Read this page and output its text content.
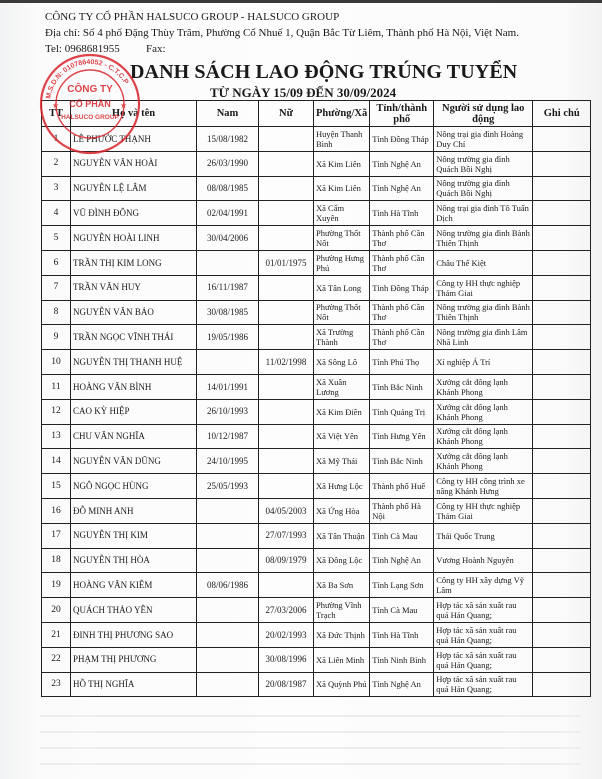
CÔNG TY CỔ PHẦN HALSUCO GROUP - HALSUCO GROUP
Địa chỉ: Số 4 phố Đặng Thùy Trâm, Phường Cổ Nhuế 1, Quận Bắc Từ Liêm, Thành phố Hà Nội, Việt Nam.
Tel: 0968681955 Fax:
DANH SÁCH LAO ĐỘNG TRÚNG TUYỂN
TỪ NGÀY 15/09 ĐẾN 30/09/2024
TT	Họ và tên	Nam	Nữ	Phường/Xã	Tỉnh/thành phố	Người sử dụng lao động	Ghi chú
1	LÊ PHƯỚC THẠNH	15/08/1982		Huyện Thanh Bình	Tỉnh Đồng Tháp	Nông trại gia đình Hoàng Duy Chí	
2	NGUYỄN VĂN HOÀI	26/03/1990		Xã Kim Liên	Tỉnh Nghệ An	Nông trường gia đình Quách Bồi Nghị	
3	NGUYỄN LỆ LÂM	08/08/1985		Xã Kim Liên	Tỉnh Nghệ An	Nông trường gia đình Quách Bồi Nghị	
4	VŨ ĐÌNH ĐÔNG	02/04/1991		Xã Cẩm Xuyên	Tỉnh Hà Tĩnh	Nông trại gia đình Tô Tuấn Dịch	
5	NGUYỄN HOÀI LINH	30/04/2006		Phường Thốt Nốt	Thành phố Cần Thơ	Nông trường gia đình Bành Thiên Thịnh	
6	TRẦN THỊ KIM LONG		01/01/1975	Phường Hưng Phú	Thành phố Cần Thơ	Châu Thế Kiệt	
7	TRẦN VĂN HUY	16/11/1987		Xã Tân Long	Tỉnh Đồng Tháp	Công ty HH thực nghiệp Thám Giai	
8	NGUYỄN VĂN BẢO	30/08/1985		Phường Thốt Nốt	Thành phố Cần Thơ	Nông trường gia đình Bành Thiên Thịnh	
9	TRẦN NGỌC VĨNH THÁI	19/05/1986		Xã Trường Thành	Thành phố Cần Thơ	Nông trường gia đình Lâm Nhã Linh	
10	NGUYỄN THỊ THANH HUỆ		11/02/1998	Xã Sông Lô	Tỉnh Phú Thọ	Xí nghiệp Á Trí	
11	HOÀNG VĂN BÌNH	14/01/1991		Xã Xuân Lương	Tỉnh Bắc Ninh	Xưởng cắt đông lạnh Khánh Phong	
12	CAO KỲ HIỆP	26/10/1993		Xã Kim Điền	Tỉnh Quảng Trị	Xưởng cắt đông lạnh Khánh Phong	
13	CHU VĂN NGHĨA	10/12/1987		Xã Việt Yên	Tỉnh Hưng Yên	Xưởng cắt đông lạnh Khánh Phong	
14	NGUYỄN VĂN DŨNG	24/10/1995		Xã Mỹ Thái	Tỉnh Bắc Ninh	Xưởng cắt đông lạnh Khánh Phong	
15	NGÔ NGỌC HÙNG	25/05/1993		Xã Hưng Lộc	Thành phố Huế	Công ty HH công trình xe nâng Khánh Hưng	
16	ĐỖ MINH ANH		04/05/2003	Xã Ứng Hòa	Thành phố Hà Nội	Công ty HH thực nghiệp Thám Giai	
17	NGUYỄN THỊ KIM		27/07/1993	Xã Tân Thuận	Tỉnh Cà Mau	Thái Quốc Trung	
18	NGUYỄN THỊ HÒA		08/09/1979	Xã Đông Lộc	Tỉnh Nghệ An	Vương Hoành Nguyên	
19	HOÀNG VĂN KIÊM	08/06/1986		Xã Ba Sơn	Tỉnh Lạng Sơn	Công ty HH xây dựng Vỹ Lâm	
20	QUÁCH THẢO YÊN		27/03/2006	Phường Vĩnh Trạch	Tỉnh Cà Mau	Hợp tác xã sản xuất rau quả Hán Quang;	
21	ĐINH THỊ PHƯƠNG SAO		20/02/1993	Xã Đức Thịnh	Tỉnh Hà Tĩnh	Hợp tác xã sản xuất rau quả Hán Quang;	
22	PHẠM THỊ PHƯƠNG		30/08/1996	Xã Liên Minh	Tỉnh Ninh Bình	Hợp tác xã sản xuất rau quả Hán Quang;	
23	HỒ THỊ NGHĨA		20/08/1987	Xã Quỳnh Phú	Tỉnh Nghệ An	Hợp tác xã sản xuất rau quả Hán Quang;	
M.S.D.N: 0107864052 - C.T.C.P
CÔNG TY
CỔ PHẦN
HALSUCO GROUP
★	★
